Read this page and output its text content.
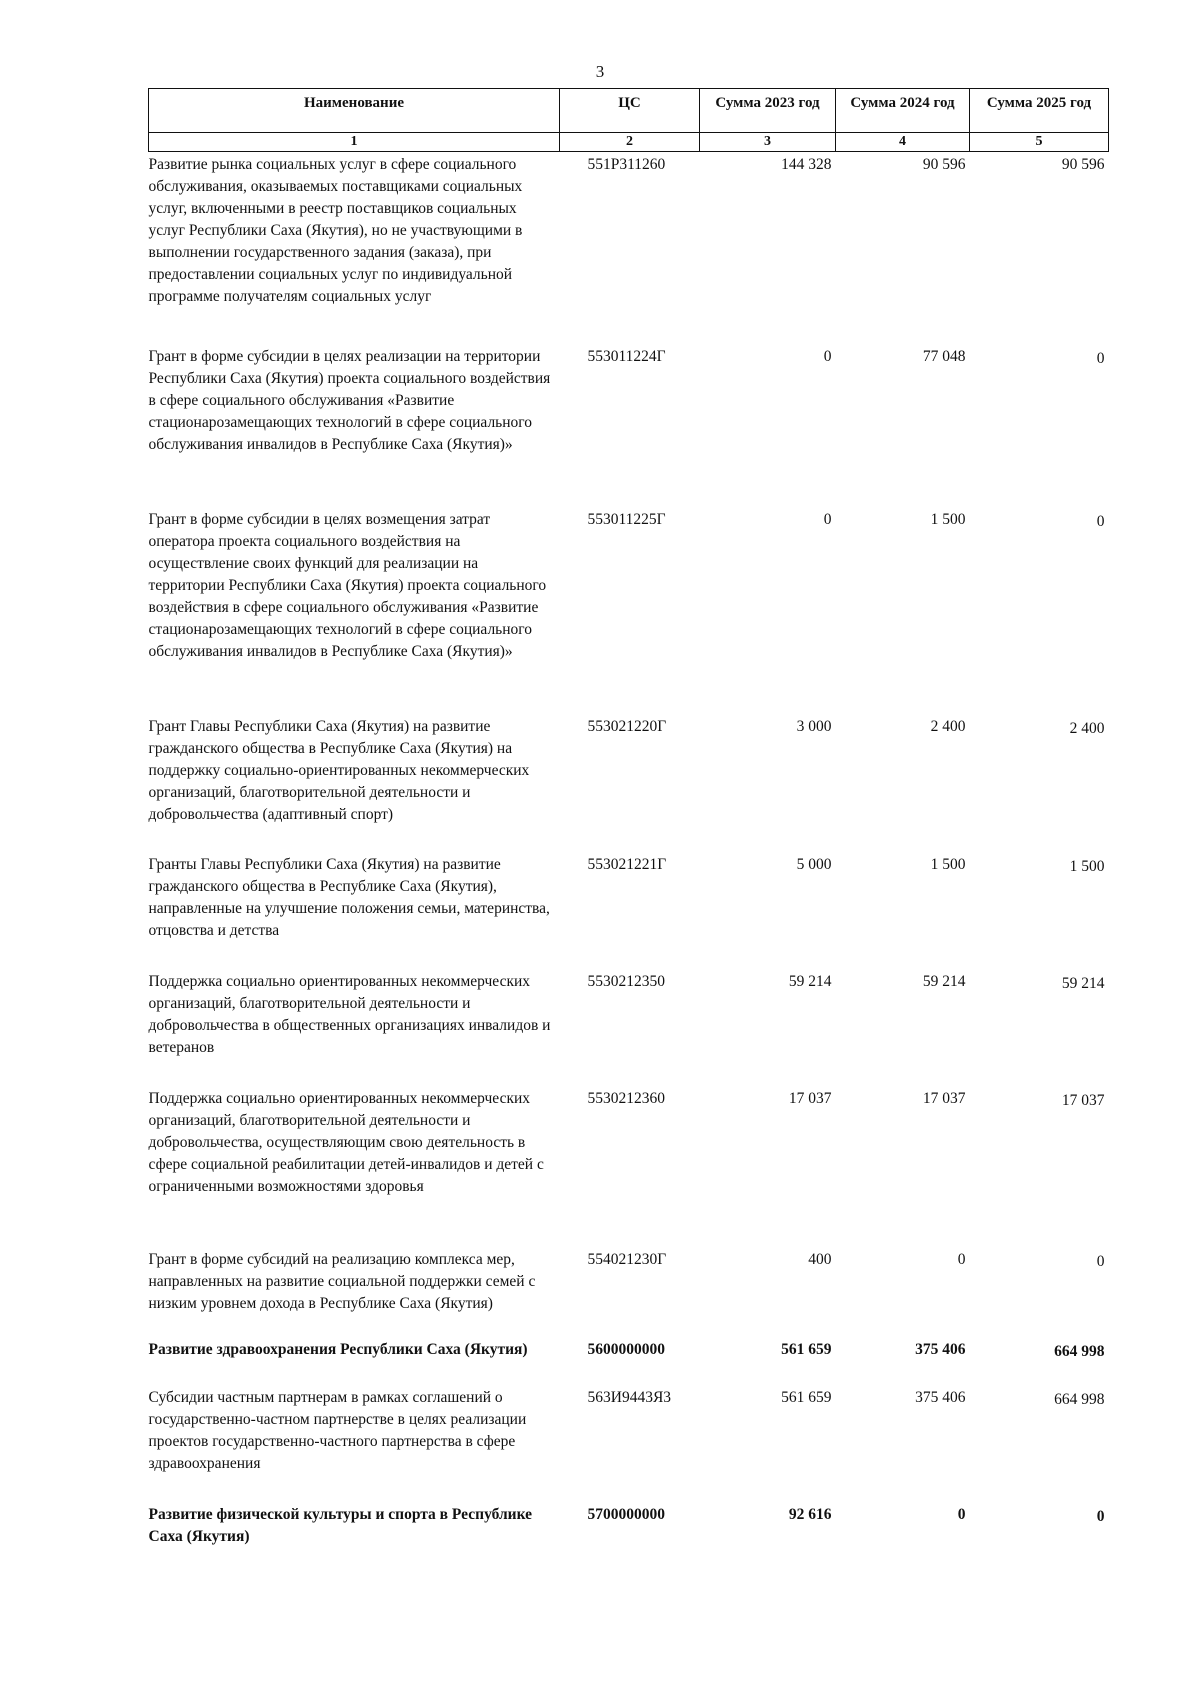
3
Наименование	ЦС	Сумма 2023 год	Сумма 2024 год	Сумма 2025 год
1	2	3	4	5
Развитие рынка социальных услуг в сфере социального обслуживания, оказываемых поставщиками социальных услуг, включенными в реестр поставщиков социальных услуг Республики Саха (Якутия), но не участвующими в выполнении государственного задания (заказа), при предоставлении социальных услуг по индивидуальной программе получателям социальных услуг	551P311260	144 328	90 596	90 596
Грант в форме субсидии в целях реализации на территории Республики Саха (Якутия) проекта социального воздействия в сфере социального обслуживания «Развитие стационарозамещающих технологий в сфере социального обслуживания инвалидов в Республике Саха (Якутия)»	553011224Г	0	77 048	0
Грант в форме субсидии в целях возмещения затрат оператора проекта социального воздействия на осуществление своих функций для реализации на территории Республики Саха (Якутия) проекта социального воздействия в сфере социального обслуживания «Развитие стационарозамещающих технологий в сфере социального обслуживания инвалидов в Республике Саха (Якутия)»	553011225Г	0	1 500	0
Грант Главы Республики Саха (Якутия) на развитие гражданского общества в Республике Саха (Якутия) на поддержку социально-ориентированных некоммерческих организаций, благотворительной деятельности и добровольчества (адаптивный спорт)	553021220Г	3 000	2 400	2 400
Гранты Главы Республики Саха (Якутия) на развитие гражданского общества в Республике Саха (Якутия), направленные на улучшение положения семьи, материнства, отцовства и детства	553021221Г	5 000	1 500	1 500
Поддержка социально ориентированных некоммерческих организаций, благотворительной деятельности и добровольчества в общественных организациях инвалидов и ветеранов	5530212350	59 214	59 214	59 214
Поддержка социально ориентированных некоммерческих организаций, благотворительной деятельности и добровольчества, осуществляющим свою деятельность в сфере социальной реабилитации детей-инвалидов и детей с ограниченными возможностями здоровья	5530212360	17 037	17 037	17 037
Грант в форме субсидий на реализацию комплекса мер, направленных на развитие социальной поддержки семей с низким уровнем дохода в Республике Саха (Якутия)	554021230Г	400	0	0
Развитие здравоохранения Республики Саха (Якутия)	5600000000	561 659	375 406	664 998
Субсидии частным партнерам в рамках соглашений о государственно-частном партнерстве в целях реализации проектов государственно-частного партнерства в сфере здравоохранения	563И9443Я3	561 659	375 406	664 998
Развитие физической культуры и спорта в Республике Саха (Якутия)	5700000000	92 616	0	0
